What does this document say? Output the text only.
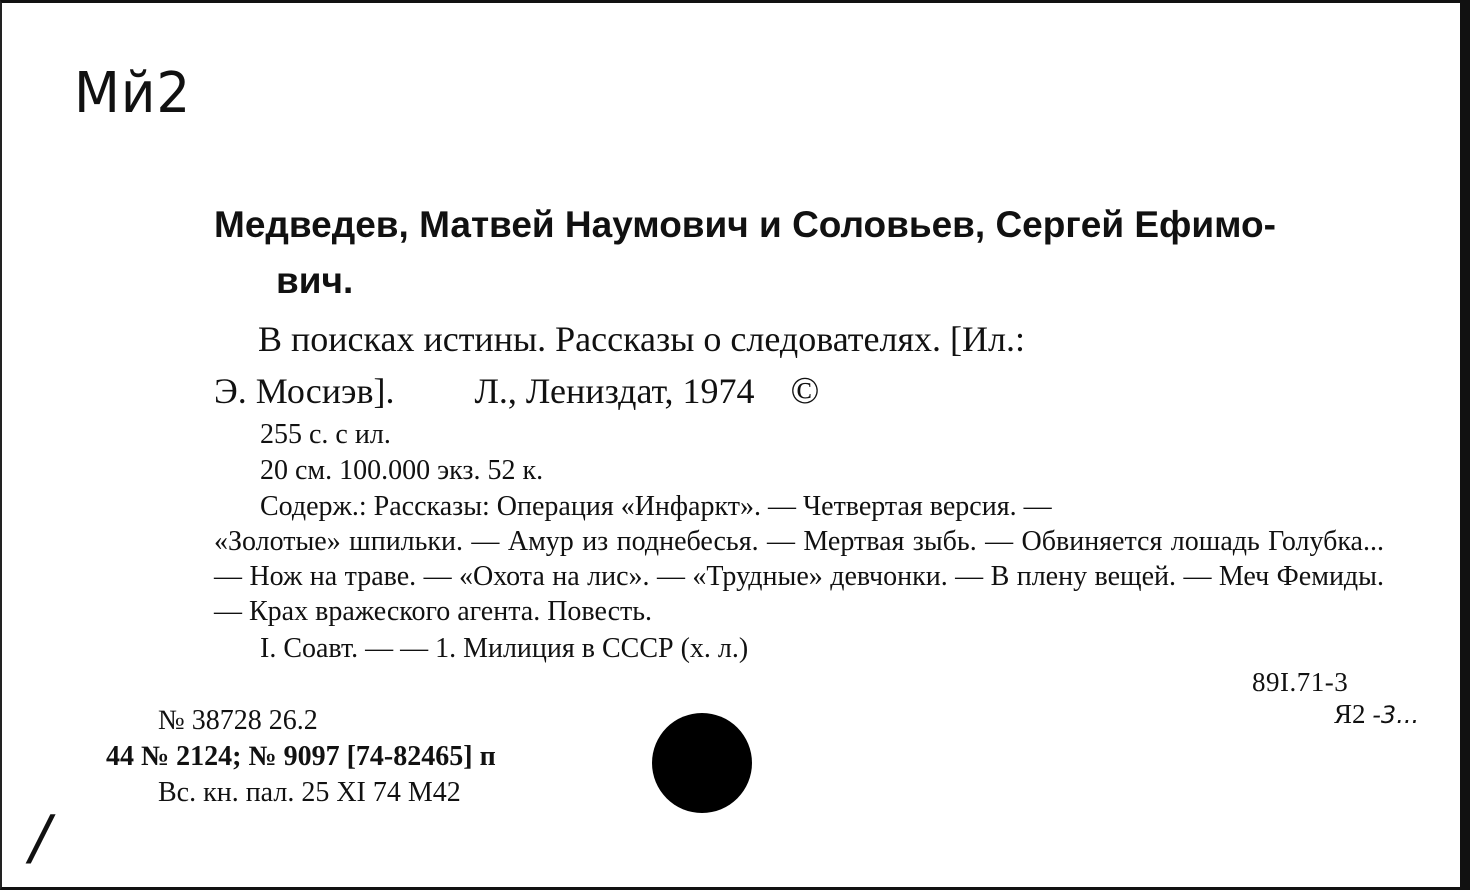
Мй2

Медведев, Матвей Наумович и Соловьев, Сергей Ефимо-
вич.

В поисках истины. Рассказы о следователях. [Ил.:
Э. Мосиэв]. Л., Лениздат, 1974 ©
255 с. с ил.
20 см. 100.000 экз. 52 к.
Содерж.: Рассказы: Операция «Инфаркт». — Четвертая версия. —
«Золотые» шпильки. — Амур из поднебесья. — Мертвая зыбь. — Обвиняется лошадь Голубка... — Нож на траве. — «Охота на лис». — «Трудные» девчонки. — В плену вещей. — Меч Фемиды. — Крах вражеского агента. Повесть.
I. Соавт. — — 1. Милиция в СССР (х. л.)
89І.71-3
Я2 -3...
№ 38728 26.2
44 № 2124; № 9097 [74-82465] п
Вс. кн. пал. 25 XI 74 М42
/
